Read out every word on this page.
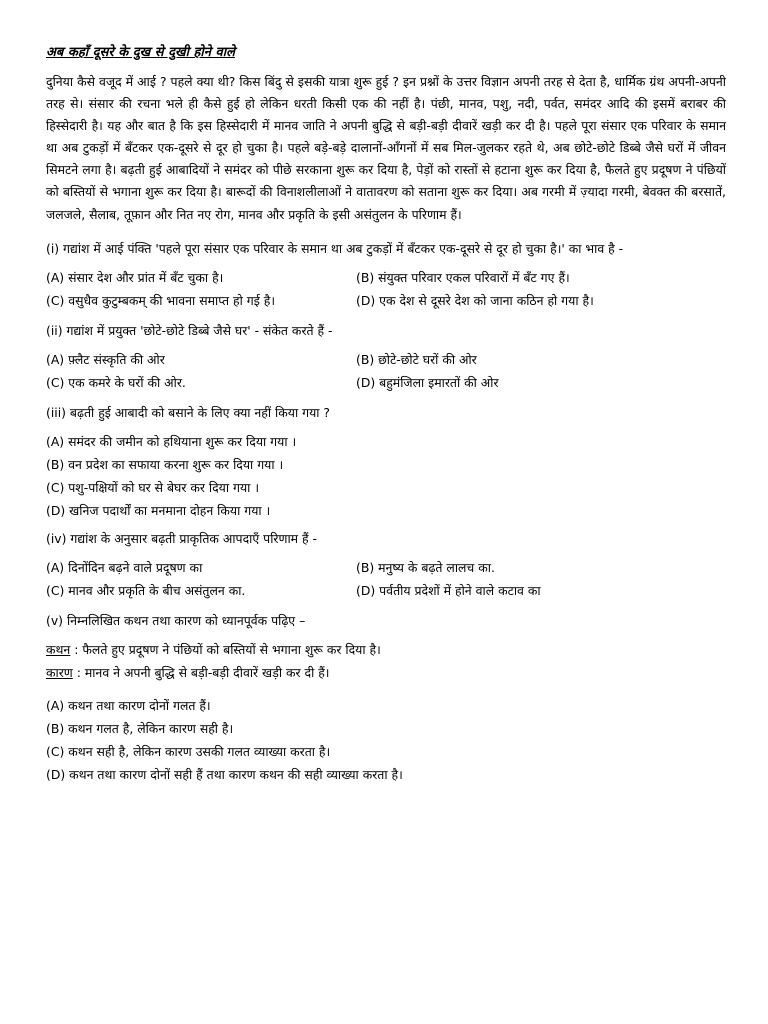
अब कहाँ दूसरे के दुख से दुखी होने वाले
दुनिया कैसे वजूद में आई ? पहले क्या थी? किस बिंदु से इसकी यात्रा शुरू हुई ? इन प्रश्नों के उत्तर विज्ञान अपनी तरह से देता है, धार्मिक ग्रंथ अपनी-अपनी तरह से। संसार की रचना भले ही कैसे हुई हो लेकिन धरती किसी एक की नहीं है। पंछी, मानव, पशु, नदी, पर्वत, समंदर आदि की इसमें बराबर की हिस्सेदारी है। यह और बात है कि इस हिस्सेदारी में मानव जाति ने अपनी बुद्धि से बड़ी-बड़ी दीवारें खड़ी कर दी है। पहले पूरा संसार एक परिवार के समान था अब टुकड़ों में बँटकर एक-दूसरे से दूर हो चुका है। पहले बड़े-बड़े दालानों-आँगनों में सब मिल-जुलकर रहते थे, अब छोटे-छोटे डिब्बे जैसे घरों में जीवन सिमटने लगा है। बढ़ती हुई आबादियों ने समंदर को पीछे सरकाना शुरू कर दिया है, पेड़ों को रास्तों से हटाना शुरू कर दिया है, फैलते हुए प्रदूषण ने पंछियों को बस्तियों से भगाना शुरू कर दिया है। बारूदों की विनाशलीलाओं ने वातावरण को सताना शुरू कर दिया। अब गरमी में ज़्यादा गरमी, बेवक्त की बरसातें, जलजले, सैलाब, तूफ़ान और नित नए रोग, मानव और प्रकृति के इसी असंतुलन के परिणाम हैं।
(i) गद्यांश में आई पंक्ति 'पहले पूरा संसार एक परिवार के समान था अब टुकड़ों में बँटकर एक-दूसरे से दूर हो चुका है।' का भाव है -
(A) संसार देश और प्रांत में बँट चुका है।	(B) संयुक्त परिवार एकल परिवारों में बँट गए हैं।
(C) वसुधैव कुटुम्बकम् की भावना समाप्त हो गई है।	(D) एक देश से दूसरे देश को जाना कठिन हो गया है।
(ii) गद्यांश में प्रयुक्त 'छोटे-छोटे डिब्बे जैसे घर' - संकेत करते हैं -
(A) फ़्लैट संस्कृति की ओर	(B) छोटे-छोटे घरों की ओर
(C) एक कमरे के घरों की ओर.	(D) बहुमंजिला इमारतों की ओर
(iii) बढ़ती हुई आबादी को बसाने के लिए क्या नहीं किया गया ?
(A) समंदर की जमीन को हथियाना शुरू कर दिया गया ।
(B) वन प्रदेश का सफाया करना शुरू कर दिया गया ।
(C) पशु-पक्षियों को घर से बेघर कर दिया गया ।
(D) खनिज पदार्थों का मनमाना दोहन किया गया ।
(iv) गद्यांश के अनुसार बढ़ती प्राकृतिक आपदाएँ परिणाम हैं -
(A) दिनोंदिन बढ़ने वाले प्रदूषण का	(B) मनुष्य के बढ़ते लालच का.
(C) मानव और प्रकृति के बीच असंतुलन का.	(D) पर्वतीय प्रदेशों में होने वाले कटाव का
(v) निम्नलिखित कथन तथा कारण को ध्यानपूर्वक पढ़िए –
कथन : फैलते हुए प्रदूषण ने पंछियों को बस्तियों से भगाना शुरू कर दिया है।
कारण : मानव ने अपनी बुद्धि से बड़ी-बड़ी दीवारें खड़ी कर दी हैं।
(A) कथन तथा कारण दोनों गलत हैं।
(B) कथन गलत है, लेकिन कारण सही है।
(C) कथन सही है, लेकिन कारण उसकी गलत व्याख्या करता है।
(D) कथन तथा कारण दोनों सही हैं तथा कारण कथन की सही व्याख्या करता है।
